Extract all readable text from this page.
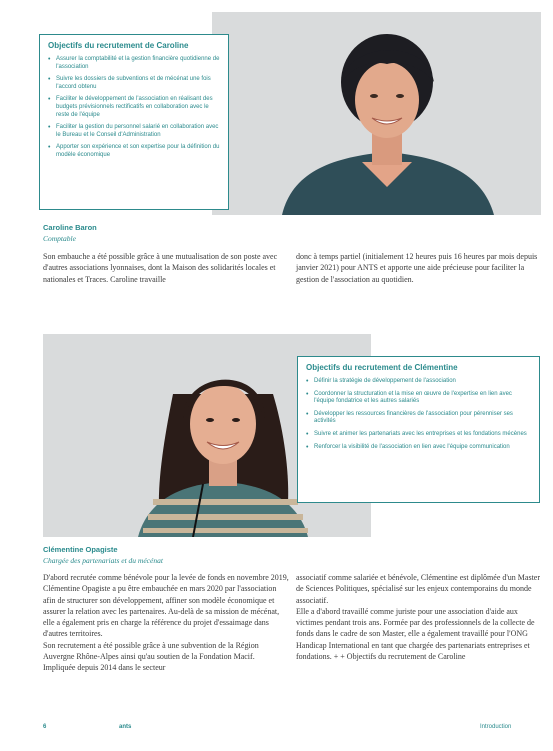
Objectifs du recrutement de Caroline
• Assurer la comptabilité et la gestion financière quotidienne de l'association
• Suivre les dossiers de subventions et de mécénat une fois l'accord obtenu
• Faciliter le développement de l'association en réalisant des budgets prévisionnels rectificatifs en collaboration avec le reste de l'équipe
• Faciliter la gestion du personnel salarié en collaboration avec le Bureau et le Conseil d'Administration
• Apporter son expérience et son expertise pour la définition du modèle économique
Caroline Baron
Comptable

Son embauche a été possible grâce à une mutualisation de son poste avec d'autres associations lyonnaises, dont la Maison des solidarités locales et nationales et Traces. Caroline travaille

donc à temps partiel (initialement 12 heures puis 16 heures par mois depuis janvier 2021) pour ANTS et apporte une aide précieuse pour faciliter la gestion de l'association au quotidien.

Objectifs du recrutement de Clémentine
• Définir la stratégie de développement de l'association
• Coordonner la structuration et la mise en œuvre de l'expertise en lien avec l'équipe fondatrice et les autres salariés
• Développer les ressources financières de l'association pour pérenniser ses activités
• Suivre et animer les partenariats avec les entreprises et les fondations mécènes
• Renforcer la visibilité de l'association en lien avec l'équipe communication
Clémentine Opagiste
Chargée des partenariats et du mécénat

D'abord recrutée comme bénévole pour la levée de fonds en novembre 2019, Clémentine Opagiste a pu être embauchée en mars 2020 par l'association afin de structurer son développement, affiner son modèle économique et assurer la relation avec les partenaires. Au-delà de sa mission de mécénat, elle a également pris en charge la référence du projet d'essaimage dans d'autres territoires.
Son recrutement a été possible grâce à une subvention de la Région Auvergne Rhône-Alpes ainsi qu'au soutien de la Fondation Macif. Impliquée depuis 2014 dans le secteur

associatif comme salariée et bénévole, Clémentine est diplômée d'un Master de Sciences Politiques, spécialisé sur les enjeux contemporains du monde associatif.
Elle a d'abord travaillé comme juriste pour une association d'aide aux victimes pendant trois ans. Formée par des professionnels de la collecte de fonds dans le cadre de son Master, elle a également travaillé pour l'ONG Handicap International en tant que chargée des partenariats entreprises et fondations. + + Objectifs du recrutement de Caroline

6	ants	Introduction
